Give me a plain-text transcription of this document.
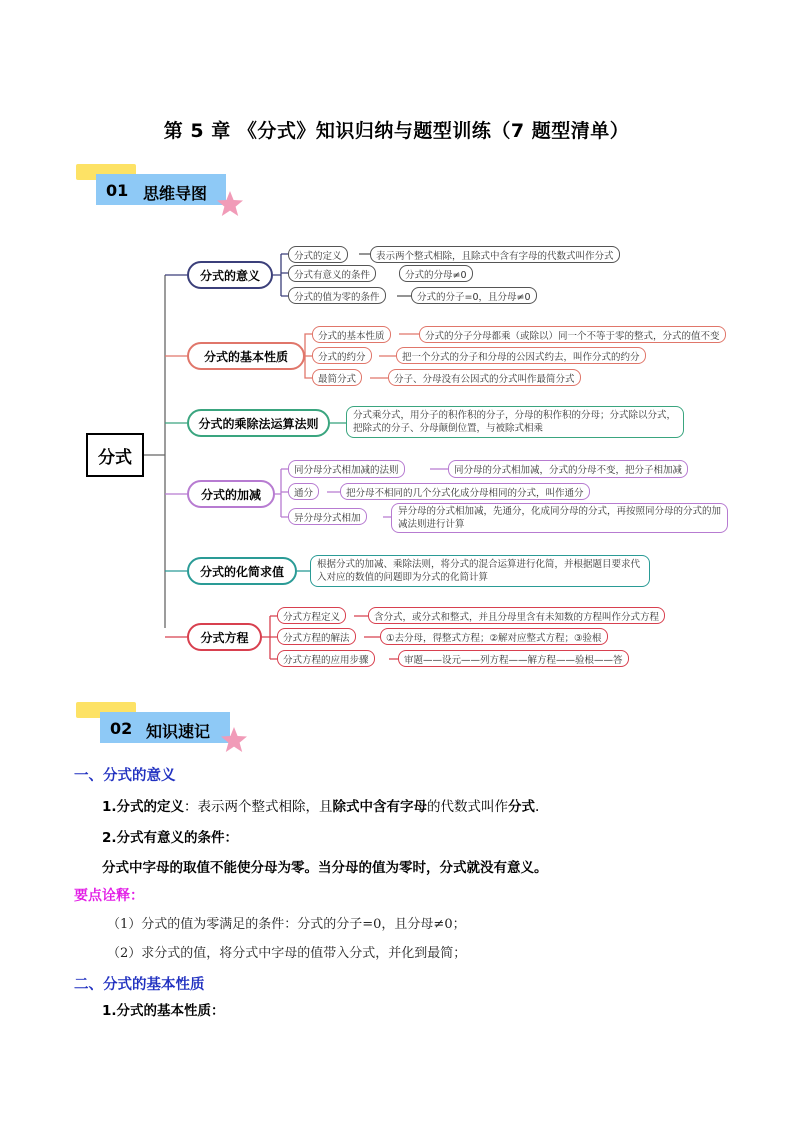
第 5 章 《分式》知识归纳与题型训练（7 题型清单）
01 思维导图
分式
分式的意义
分式的基本性质
分式的乘除法运算法则
分式的加减
分式的化简求值
分式方程
分式的定义	表示两个整式相除，且除式中含有字母的代数式叫作分式
分式有意义的条件	分式的分母≠0
分式的值为零的条件	分式的分子=0，且分母≠0
分式的基本性质	分式的分子分母都乘（或除以）同一个不等于零的整式，分式的值不变
分式的约分	把一个分式的分子和分母的公因式约去，叫作分式的约分
最简分式	分子、分母没有公因式的分式叫作最简分式
分式乘分式，用分子的积作积的分子，分母的积作积的分母；分式除以分式，把除式的分子、分母颠倒位置，与被除式相乘
同分母分式相加减的法则	同分母的分式相加减，分式的分母不变，把分子相加减
通分	把分母不相同的几个分式化成分母相同的分式，叫作通分
异分母分式相加
异分母的分式相加减，先通分，化成同分母的分式，再按照同分母的分式的加减法则进行计算
根据分式的加减、乘除法则，将分式的混合运算进行化简，并根据题目要求代入对应的数值的问题即为分式的化简计算
分式方程定义	含分式，或分式和整式，并且分母里含有未知数的方程叫作分式方程
分式方程的解法	①去分母，得整式方程；②解对应整式方程；③验根
分式方程的应用步骤	审题——设元——列方程——解方程——验根——答
02 知识速记
一、分式的意义
1.分式的定义：表示两个整式相除，且除式中含有字母的代数式叫作分式.
2.分式有意义的条件：
分式中字母的取值不能使分母为零。当分母的值为零时，分式就没有意义。
要点诠释：
（1）分式的值为零满足的条件：分式的分子=0，且分母≠0；
（2）求分式的值，将分式中字母的值带入分式，并化到最简；
二、分式的基本性质
1.分式的基本性质：
